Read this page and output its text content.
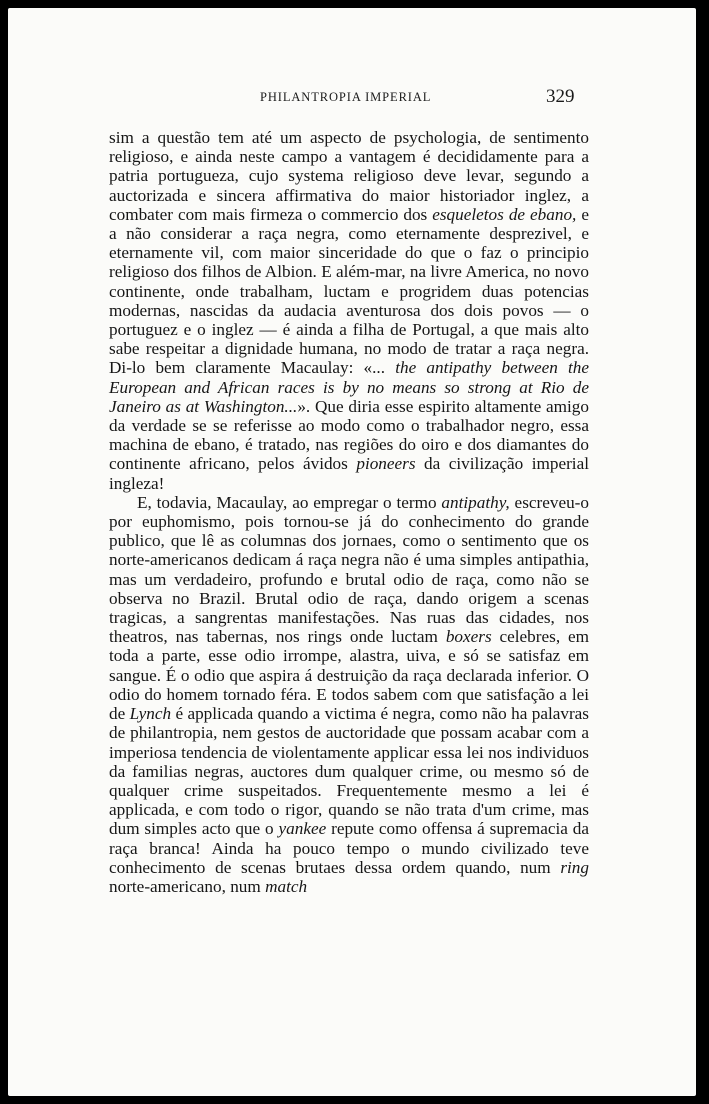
PHILANTROPIA IMPERIAL	329

sim a questão tem até um aspecto de psychologia, de sentimento religioso, e ainda neste campo a vantagem é decididamente para a patria portugueza, cujo systema religioso deve levar, segundo a auctorizada e sincera affirmativa do maior historiador inglez, a combater com mais firmeza o commercio dos esqueletos de ebano, e a não considerar a raça negra, como eternamente desprezivel, e eternamente vil, com maior sinceridade do que o faz o principio religioso dos filhos de Albion. E além-mar, na livre America, no novo continente, onde trabalham, luctam e progridem duas potencias modernas, nascidas da audacia aventurosa dos dois povos — o portuguez e o inglez — é ainda a filha de Portugal, a que mais alto sabe respeitar a dignidade humana, no modo de tratar a raça negra. Di-lo bem claramente Macaulay: «... the antipathy between the European and African races is by no means so strong at Rio de Janeiro as at Washington...». Que diria esse espirito altamente amigo da verdade se se referisse ao modo como o trabalhador negro, essa machina de ebano, é tratado, nas regiões do oiro e dos diamantes do continente africano, pelos ávidos pioneers da civilização imperial ingleza!

E, todavia, Macaulay, ao empregar o termo antipathy, escreveu-o por euphomismo, pois tornou-se já do conhecimento do grande publico, que lê as columnas dos jornaes, como o sentimento que os norte-americanos dedicam á raça negra não é uma simples antipathia, mas um verdadeiro, profundo e brutal odio de raça, como não se observa no Brazil. Brutal odio de raça, dando origem a scenas tragicas, a sangrentas manifestações. Nas ruas das cidades, nos theatros, nas tabernas, nos rings onde luctam boxers celebres, em toda a parte, esse odio irrompe, alastra, uiva, e só se satisfaz em sangue. É o odio que aspira á destruição da raça declarada inferior. O odio do homem tornado féra. E todos sabem com que satisfação a lei de Lynch é applicada quando a victima é negra, como não ha palavras de philantropia, nem gestos de auctoridade que possam acabar com a imperiosa tendencia de violentamente applicar essa lei nos individuos da familias negras, auctores dum qualquer crime, ou mesmo só de qualquer crime suspeitados. Frequentemente mesmo a lei é applicada, e com todo o rigor, quando se não trata d'um crime, mas dum simples acto que o yankee repute como offensa á supremacia da raça branca! Ainda ha pouco tempo o mundo civilizado teve conhecimento de scenas brutaes dessa ordem quando, num ring norte-americano, num match
